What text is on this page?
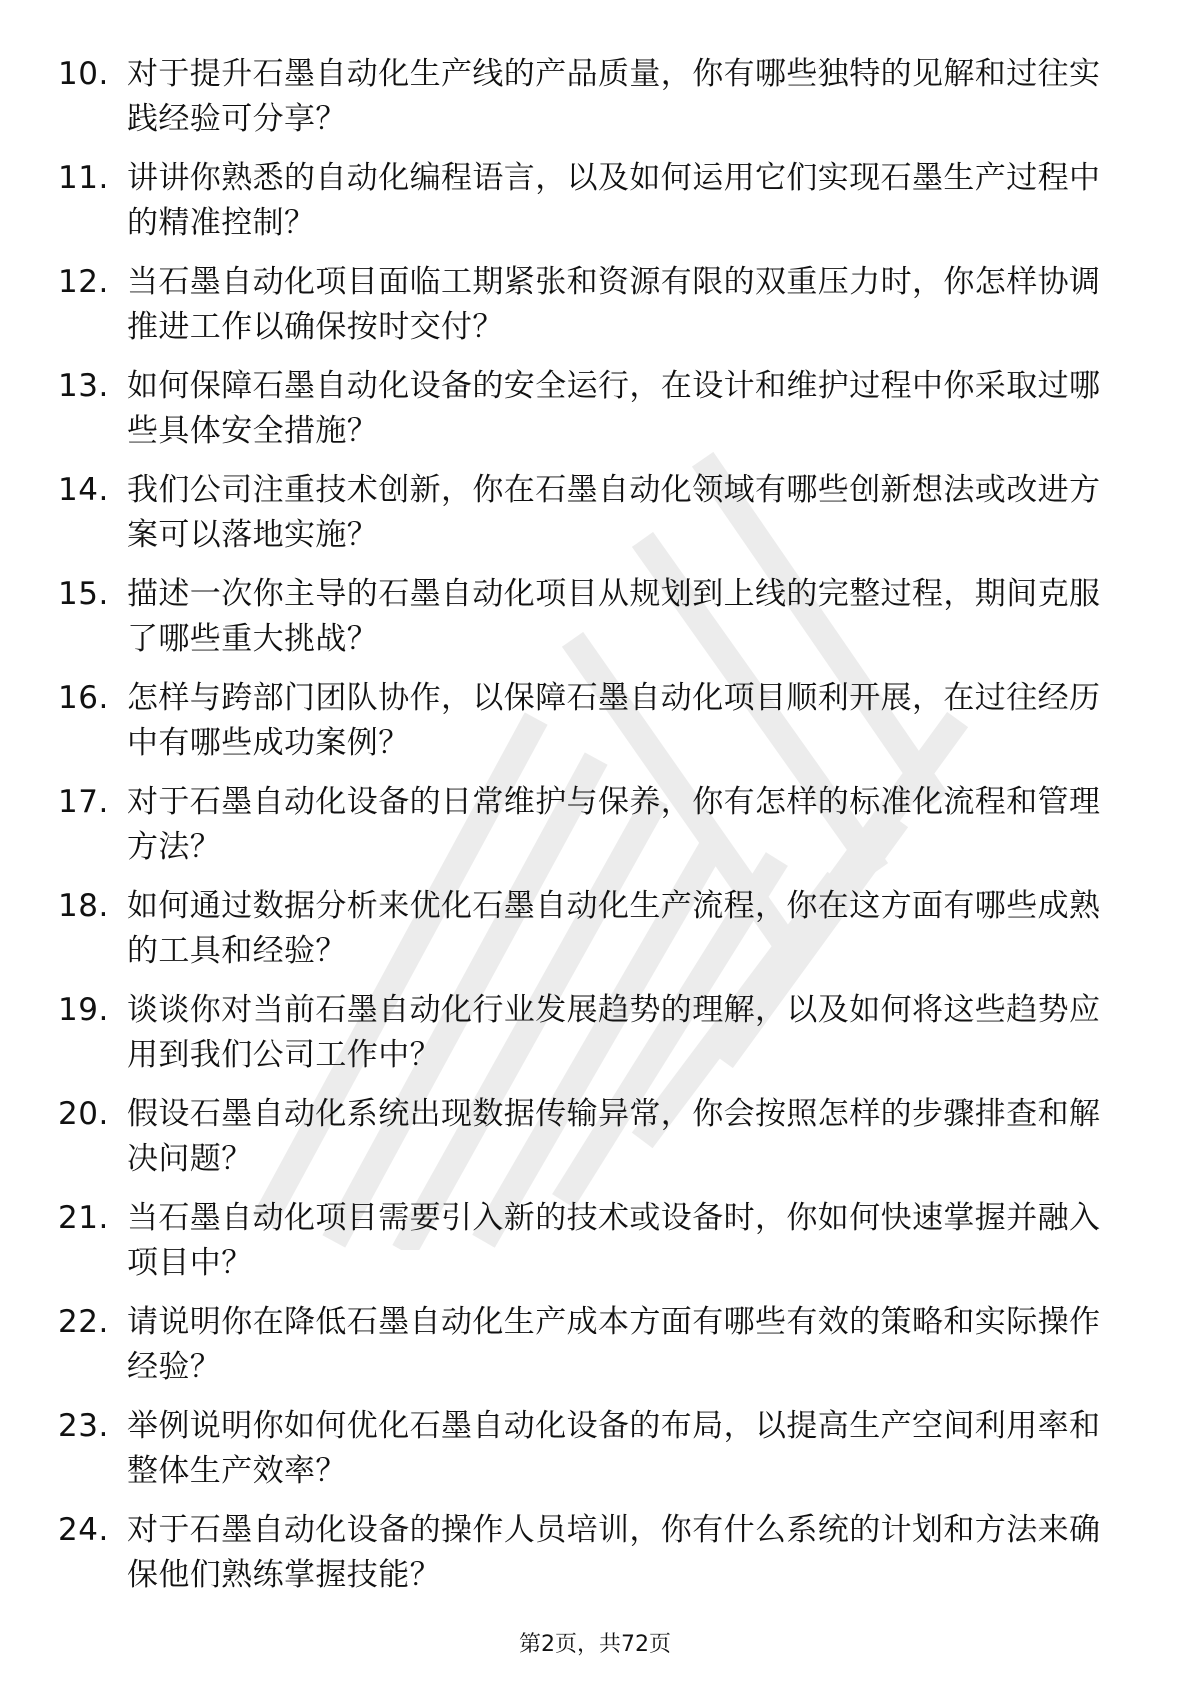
10. 对于提升石墨自动化生产线的产品质量，你有哪些独特的见解和过往实践经验可分享？
11. 讲讲你熟悉的自动化编程语言，以及如何运用它们实现石墨生产过程中的精准控制？
12. 当石墨自动化项目面临工期紧张和资源有限的双重压力时，你怎样协调推进工作以确保按时交付？
13. 如何保障石墨自动化设备的安全运行，在设计和维护过程中你采取过哪些具体安全措施？
14. 我们公司注重技术创新，你在石墨自动化领域有哪些创新想法或改进方案可以落地实施？
15. 描述一次你主导的石墨自动化项目从规划到上线的完整过程，期间克服了哪些重大挑战？
16. 怎样与跨部门团队协作，以保障石墨自动化项目顺利开展，在过往经历中有哪些成功案例？
17. 对于石墨自动化设备的日常维护与保养，你有怎样的标准化流程和管理方法？
18. 如何通过数据分析来优化石墨自动化生产流程，你在这方面有哪些成熟的工具和经验？
19. 谈谈你对当前石墨自动化行业发展趋势的理解，以及如何将这些趋势应用到我们公司工作中？
20. 假设石墨自动化系统出现数据传输异常，你会按照怎样的步骤排查和解决问题？
21. 当石墨自动化项目需要引入新的技术或设备时，你如何快速掌握并融入项目中？
22. 请说明你在降低石墨自动化生产成本方面有哪些有效的策略和实际操作经验？
23. 举例说明你如何优化石墨自动化设备的布局，以提高生产空间利用率和整体生产效率？
24. 对于石墨自动化设备的操作人员培训，你有什么系统的计划和方法来确保他们熟练掌握技能？
第2页，共72页
